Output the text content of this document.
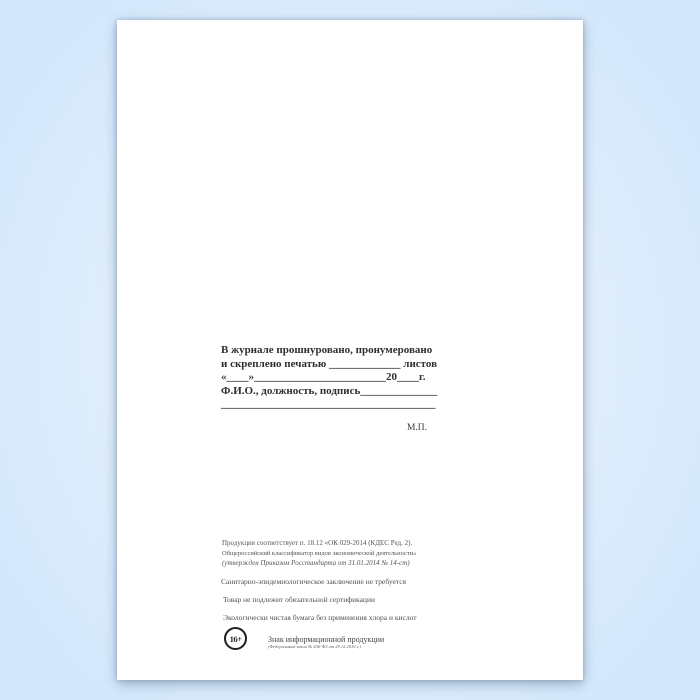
В журнале прошнуровано, пронумеровано
и скреплено печатью _____________ листов
«____»________________________20____г.
Ф.И.О., должность, подпись______________
_______________________________________
М.П.
Продукция соответствует п. 18.12 «ОК 029-2014 (КДЕС Ред. 2).
Общероссийский классификатор видов экономической деятельности»
(утвержден Приказом Росстандарта от 31.01.2014 № 14-ст)
Санитарно-эпидемиологическое заключение не требуется
Товар не подлежит обязательной сертификации
Экологически чистая бумага без применения хлора и кислот
16+	Знак информационной продукции
(Федеральный закон № 436-ФЗ от 29.12.2010 г.)
